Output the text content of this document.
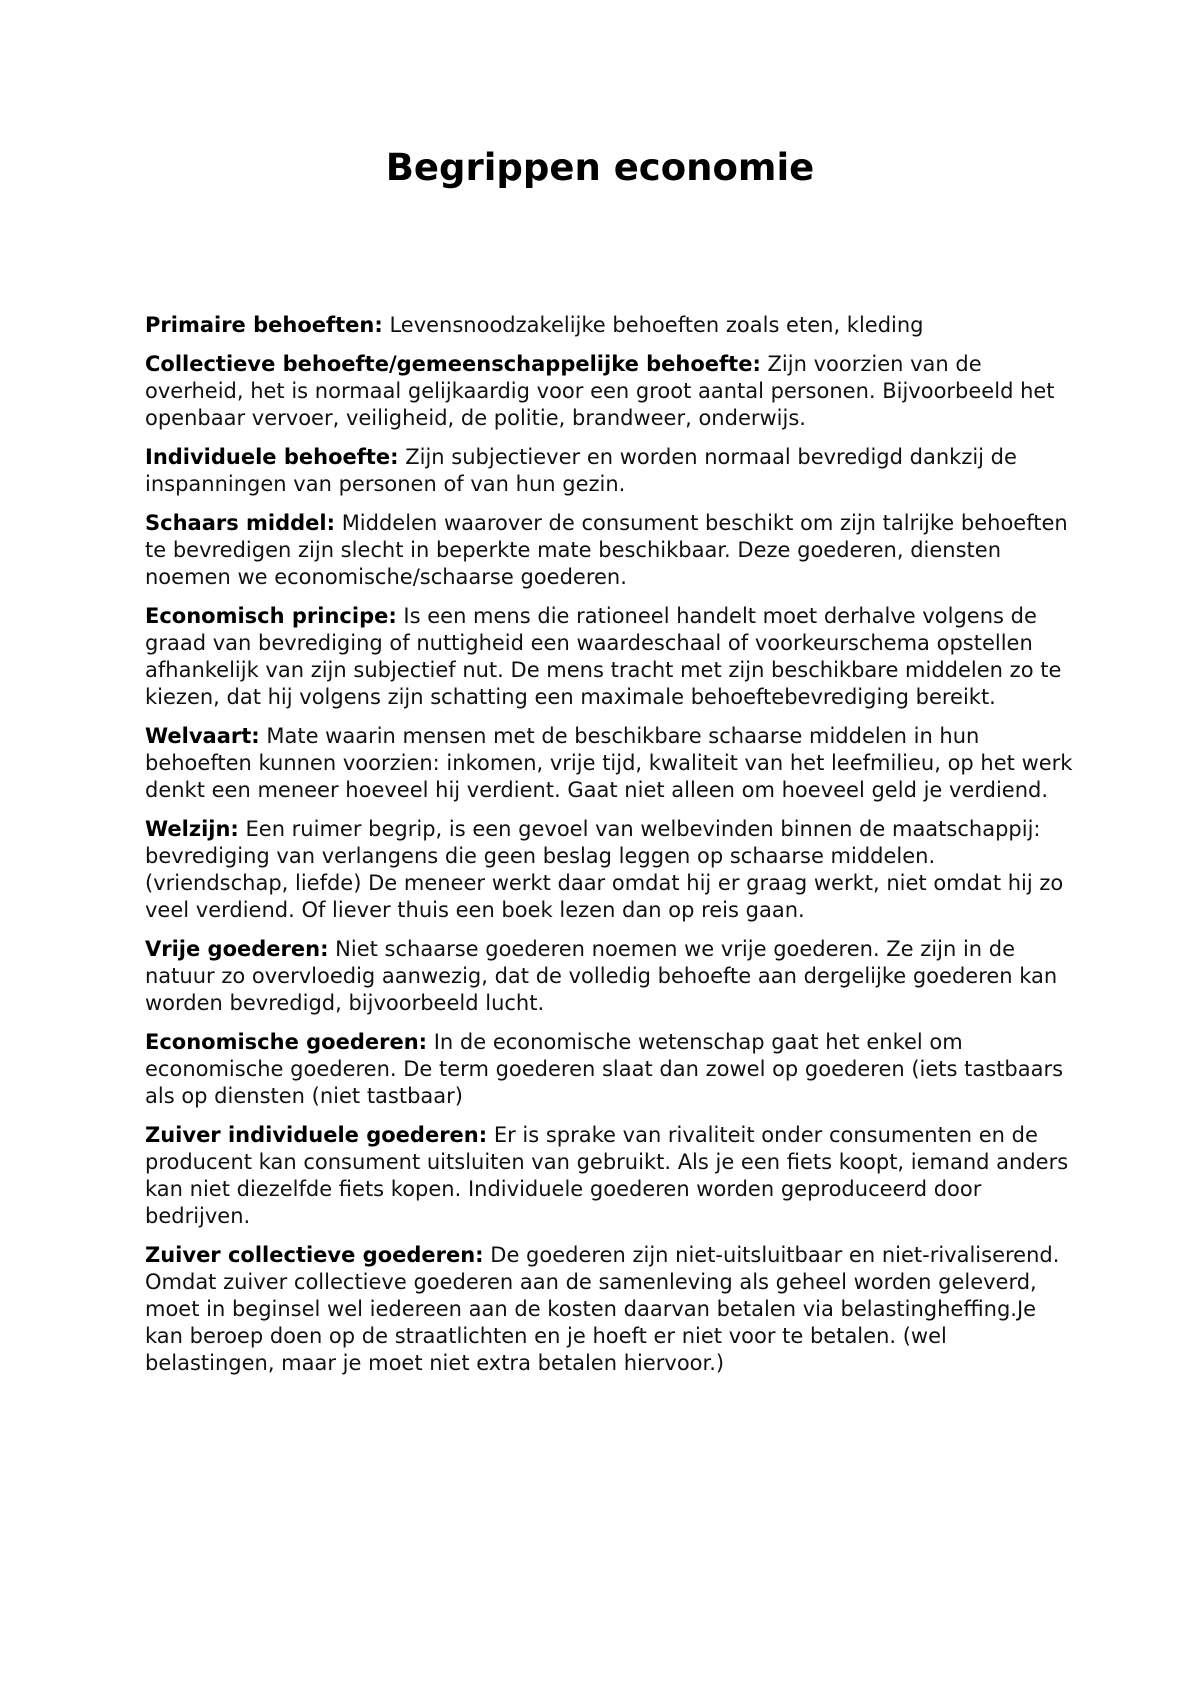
Begrippen economie

Primaire behoeften: Levensnoodzakelijke behoeften zoals eten, kleding

Collectieve behoefte/gemeenschappelijke behoefte: Zijn voorzien van de overheid, het is normaal gelijkaardig voor een groot aantal personen. Bijvoorbeeld het openbaar vervoer, veiligheid, de politie, brandweer, onderwijs.

Individuele behoefte: Zijn subjectiever en worden normaal bevredigd dankzij de inspanningen van personen of van hun gezin.

Schaars middel: Middelen waarover de consument beschikt om zijn talrijke behoeften te bevredigen zijn slecht in beperkte mate beschikbaar. Deze goederen, diensten noemen we economische/schaarse goederen.

Economisch principe: Is een mens die rationeel handelt moet derhalve volgens de graad van bevrediging of nuttigheid een waardeschaal of voorkeurschema opstellen afhankelijk van zijn subjectief nut. De mens tracht met zijn beschikbare middelen zo te kiezen, dat hij volgens zijn schatting een maximale behoeftebevrediging bereikt.

Welvaart: Mate waarin mensen met de beschikbare schaarse middelen in hun behoeften kunnen voorzien: inkomen, vrije tijd, kwaliteit van het leefmilieu, op het werk denkt een meneer hoeveel hij verdient. Gaat niet alleen om hoeveel geld je verdiend.

Welzijn: Een ruimer begrip, is een gevoel van welbevinden binnen de maatschappij: bevrediging van verlangens die geen beslag leggen op schaarse middelen. (vriendschap, liefde) De meneer werkt daar omdat hij er graag werkt, niet omdat hij zo veel verdiend. Of liever thuis een boek lezen dan op reis gaan.

Vrije goederen: Niet schaarse goederen noemen we vrije goederen. Ze zijn in de natuur zo overvloedig aanwezig, dat de volledig behoefte aan dergelijke goederen kan worden bevredigd, bijvoorbeeld lucht.

Economische goederen: In de economische wetenschap gaat het enkel om economische goederen. De term goederen slaat dan zowel op goederen (iets tastbaars als op diensten (niet tastbaar)

Zuiver individuele goederen: Er is sprake van rivaliteit onder consumenten en de producent kan consument uitsluiten van gebruikt. Als je een fiets koopt, iemand anders kan niet diezelfde fiets kopen. Individuele goederen worden geproduceerd door bedrijven.

Zuiver collectieve goederen: De goederen zijn niet-uitsluitbaar en niet-rivaliserend. Omdat zuiver collectieve goederen aan de samenleving als geheel worden geleverd, moet in beginsel wel iedereen aan de kosten daarvan betalen via belastingheffing.Je kan beroep doen op de straatlichten en je hoeft er niet voor te betalen. (wel belastingen, maar je moet niet extra betalen hiervoor.)
